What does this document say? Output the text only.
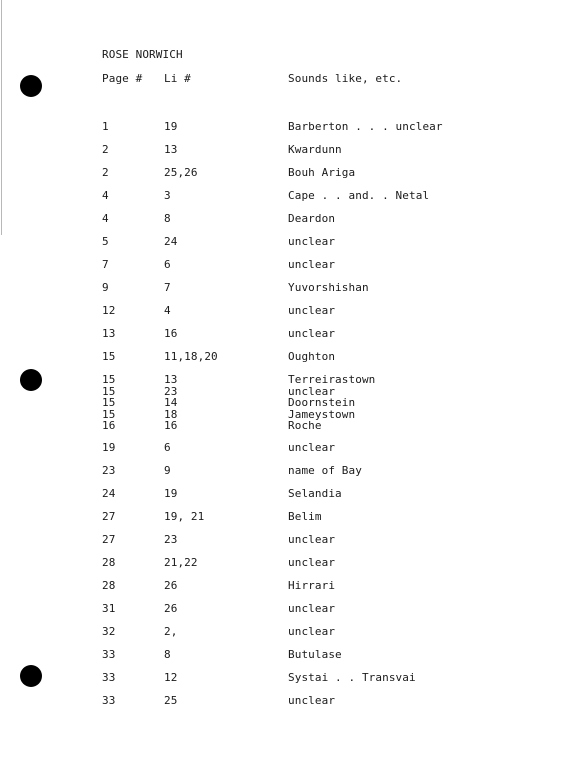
ROSE NORWICH
Page # Li #	Sounds like, etc.
1	19	Barberton . . . unclear
2	13	Kwardunn
2	25,26	Bouh Ariga
4	3	Cape . . and. . Netal
4	8	Deardon
5	24	unclear
7	6	unclear
9	7	Yuvorshishan
12	4	unclear
13	16	unclear
15	11,18,20	Oughton
15	13	Terreirastown
15	23	unclear
15	14	Doornstein
15	18	Jameystown
16	16	Roche
19	6	unclear
23	9	name of Bay
24	19	Selandia
27	19, 21	Belim
27	23	unclear
28	21,22	unclear
28	26	Hirrari
31	26	unclear
32	2,	unclear
33	8	Butulase
33	12	Systai . . Transvai
33	25	unclear
